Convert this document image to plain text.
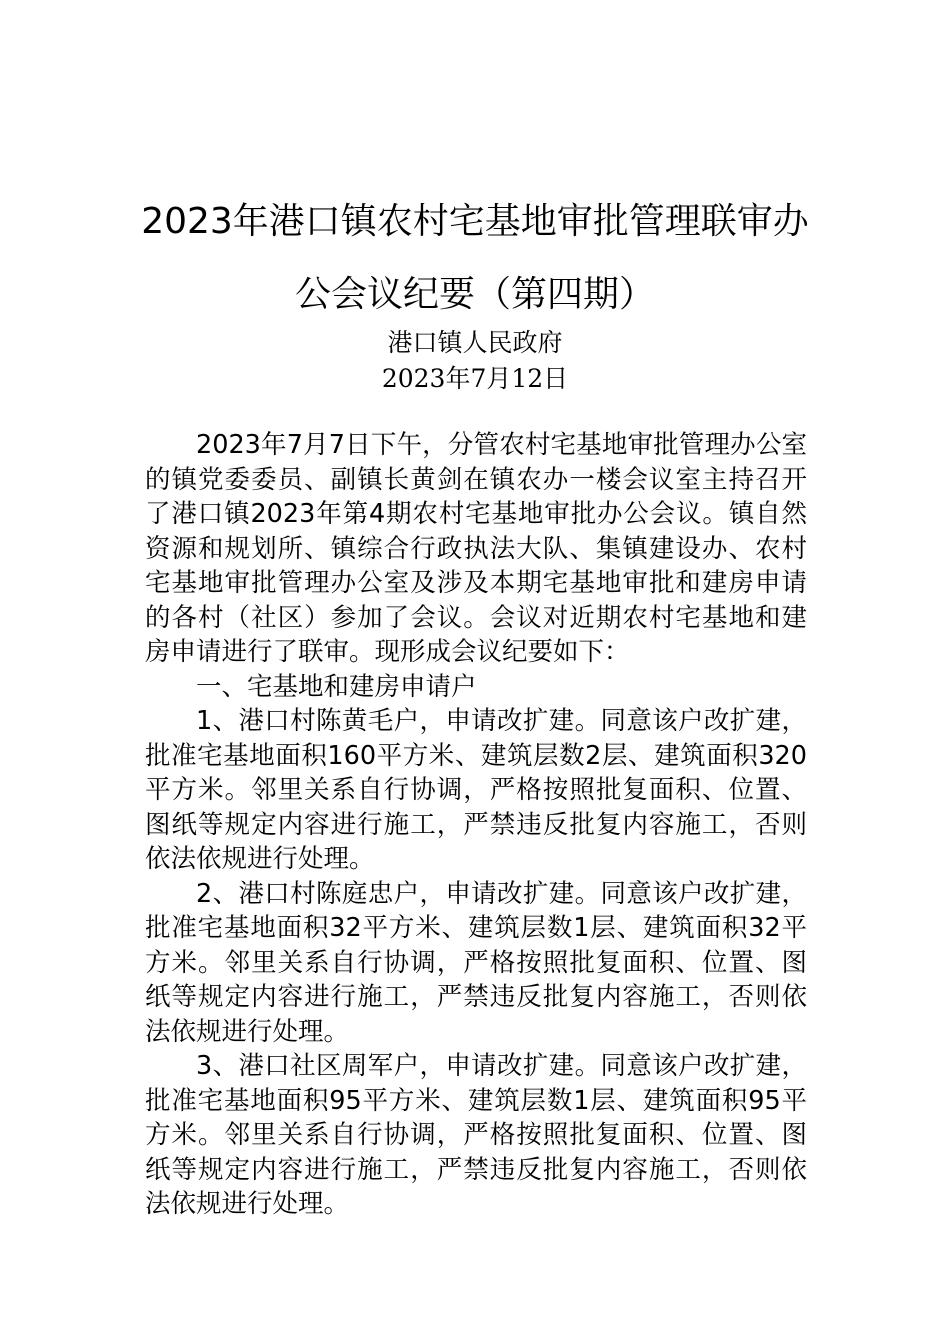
2023年港口镇农村宅基地审批管理联审办
公会议纪要（第四期）
港口镇人民政府
2023年7月12日

2023年7月7日下午，分管农村宅基地审批管理办公室的镇党委委员、副镇长黄剑在镇农办一楼会议室主持召开了港口镇2023年第4期农村宅基地审批办公会议。镇自然资源和规划所、镇综合行政执法大队、集镇建设办、农村宅基地审批管理办公室及涉及本期宅基地审批和建房申请的各村（社区）参加了会议。会议对近期农村宅基地和建房申请进行了联审。现形成会议纪要如下：

一、宅基地和建房申请户

1、港口村陈黄毛户，申请改扩建。同意该户改扩建，批准宅基地面积160平方米、建筑层数2层、建筑面积320平方米。邻里关系自行协调，严格按照批复面积、位置、图纸等规定内容进行施工，严禁违反批复内容施工，否则依法依规进行处理。

2、港口村陈庭忠户，申请改扩建。同意该户改扩建，批准宅基地面积32平方米、建筑层数1层、建筑面积32平方米。邻里关系自行协调，严格按照批复面积、位置、图纸等规定内容进行施工，严禁违反批复内容施工，否则依法依规进行处理。

3、港口社区周军户，申请改扩建。同意该户改扩建，批准宅基地面积95平方米、建筑层数1层、建筑面积95平方米。邻里关系自行协调，严格按照批复面积、位置、图纸等规定内容进行施工，严禁违反批复内容施工，否则依法依规进行处理。
